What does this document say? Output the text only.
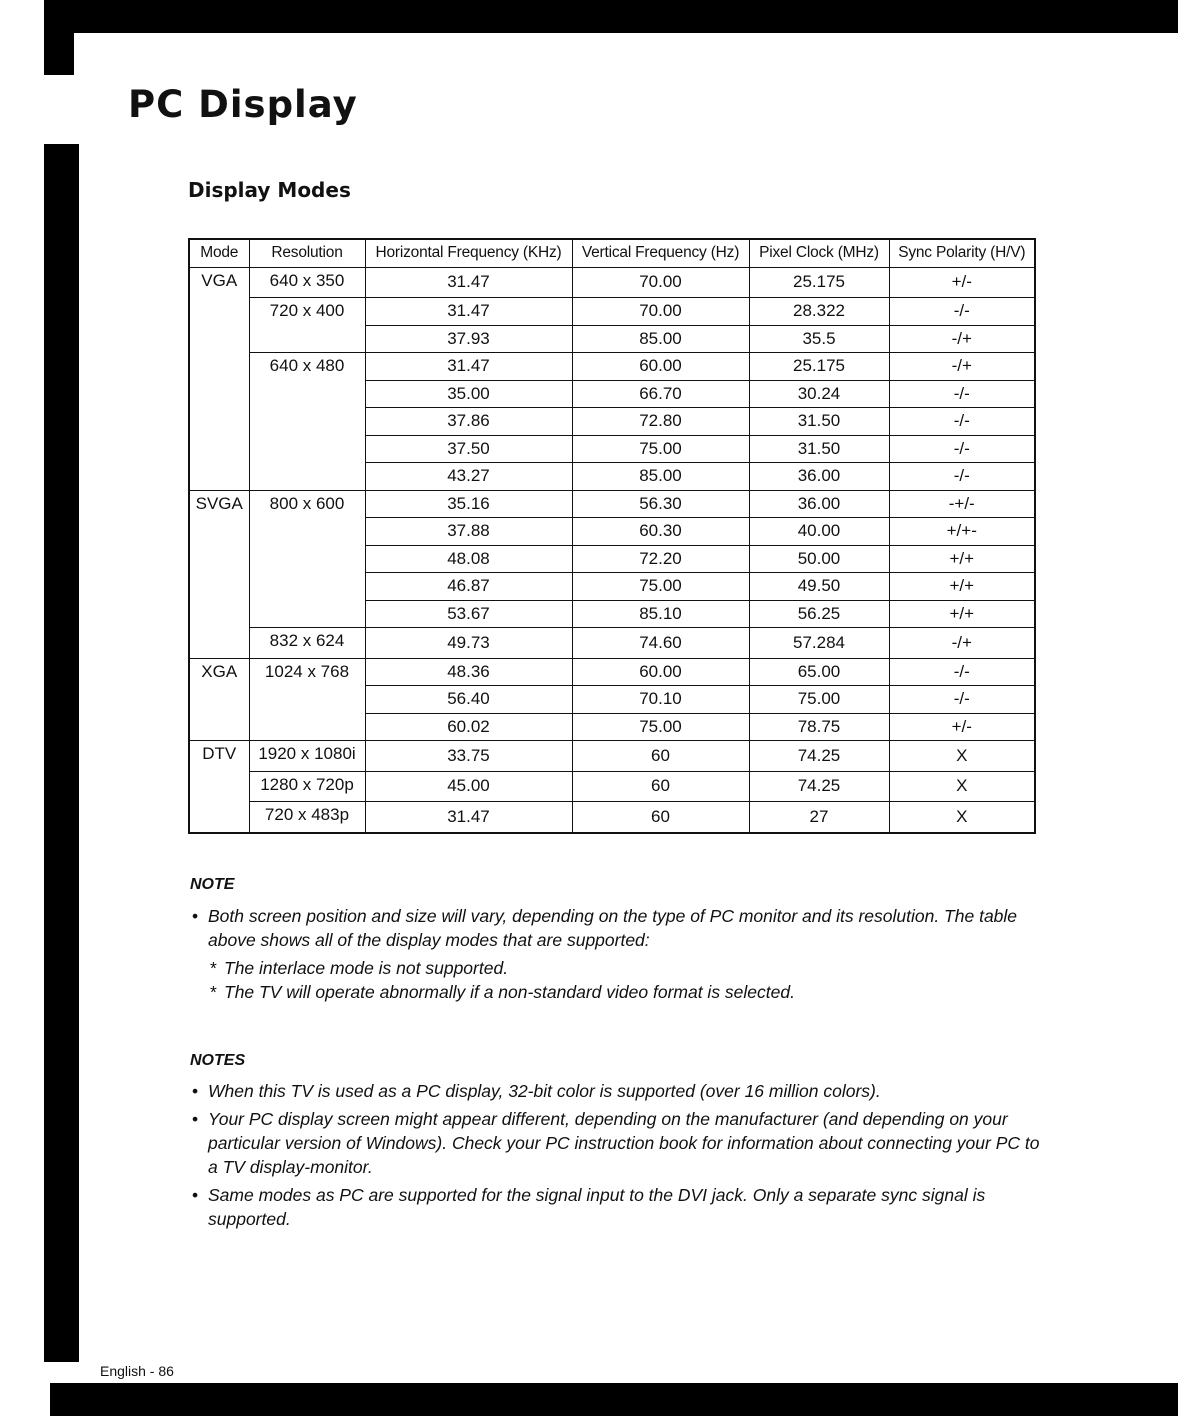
PC Display
Display Modes
Mode	Resolution	Horizontal Frequency (KHz)	Vertical Frequency (Hz)	Pixel Clock (MHz)	Sync Polarity (H/V)
VGA	640 x 350	31.47	70.00	25.175	+/-
	720 x 400	31.47	70.00	28.322	-/-
		37.93	85.00	35.5	-/+
	640 x 480	31.47	60.00	25.175	-/+
		35.00	66.70	30.24	-/-
		37.86	72.80	31.50	-/-
		37.50	75.00	31.50	-/-
		43.27	85.00	36.00	-/-
SVGA	800 x 600	35.16	56.30	36.00	-+/-
		37.88	60.30	40.00	+/+-
		48.08	72.20	50.00	+/+
		46.87	75.00	49.50	+/+
		53.67	85.10	56.25	+/+
	832 x 624	49.73	74.60	57.284	-/+
XGA	1024 x 768	48.36	60.00	65.00	-/-
		56.40	70.10	75.00	-/-
		60.02	75.00	78.75	+/-
DTV	1920 x 1080i	33.75	60	74.25	X
	1280 x 720p	45.00	60	74.25	X
	720 x 483p	31.47	60	27	X

NOTE

• Both screen position and size will vary, depending on the type of PC monitor and its resolution. The table above shows all of the display modes that are supported:
* The interlace mode is not supported.
* The TV will operate abnormally if a non-standard video format is selected.

NOTES

• When this TV is used as a PC display, 32-bit color is supported (over 16 million colors).
• Your PC display screen might appear different, depending on the manufacturer (and depending on your particular version of Windows). Check your PC instruction book for information about connecting your PC to a TV display-monitor.
• Same modes as PC are supported for the signal input to the DVI jack. Only a separate sync signal is supported.

English - 86
